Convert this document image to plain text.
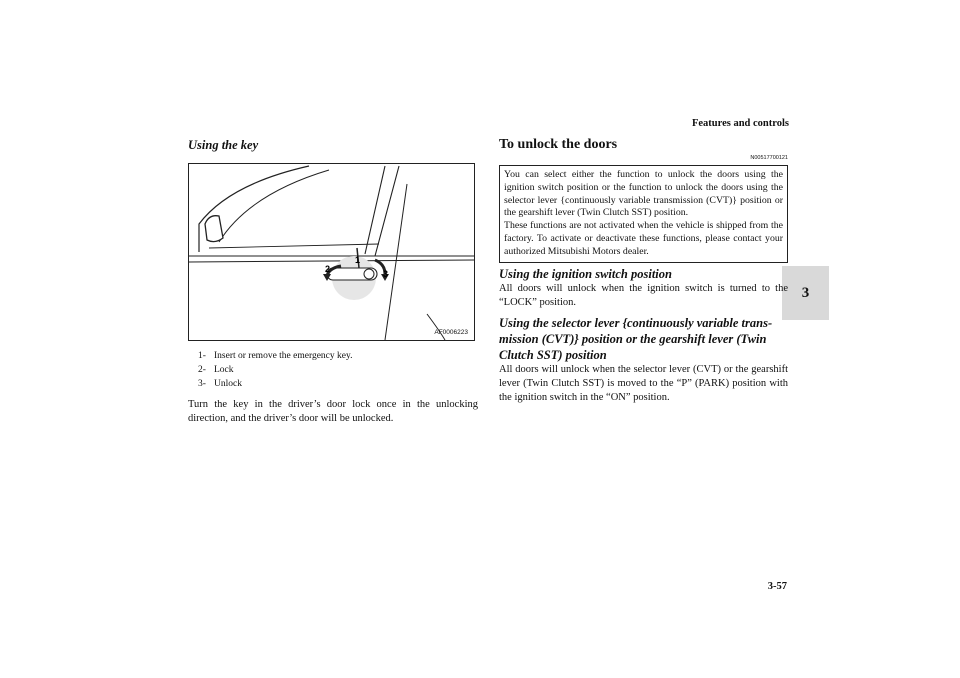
Features and controls
3
3-57
Using the key
1
2	3
AF0006223
1- Insert or remove the emergency key.
2- Lock
3- Unlock
Turn the key in the driver’s door lock once in the unlocking direction, and the driver’s door will be unlocked.
To unlock the doors
N00517700121
You can select either the function to unlock the doors using the ignition switch position or the function to unlock the doors using the selector lever {continuously variable transmission (CVT)} position or the gearshift lever (Twin Clutch SST) position.
These functions are not activated when the vehicle is shipped from the factory. To activate or deactivate these functions, please contact your authorized Mitsubishi Motors dealer.
Using the ignition switch position
All doors will unlock when the ignition switch is turned to the “LOCK” position.
Using the selector lever {continuously variable trans-mission (CVT)} position or the gearshift lever (Twin Clutch SST) position
All doors will unlock when the selector lever (CVT) or the gearshift lever (Twin Clutch SST) is moved to the “P” (PARK) position with the ignition switch in the “ON” position.
